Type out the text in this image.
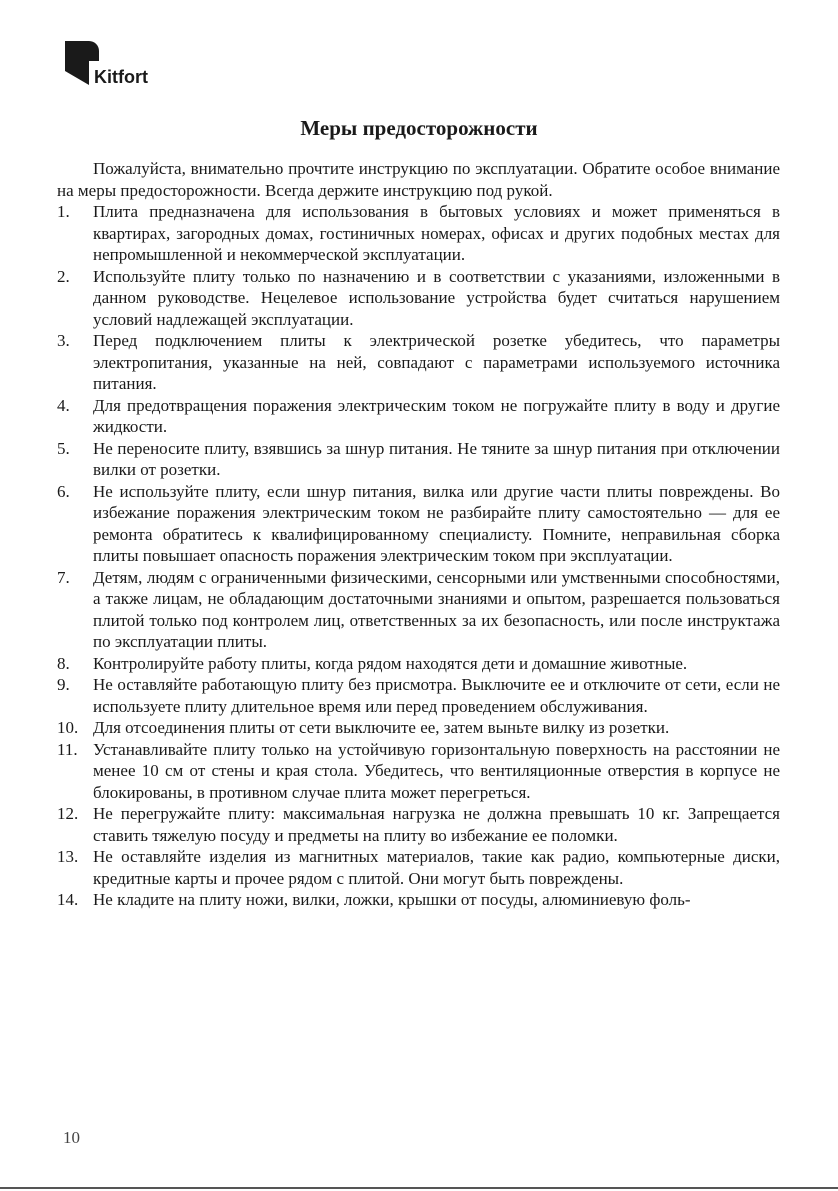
Kitfort
Меры предосторожности

Пожалуйста, внимательно прочтите инструкцию по эксплуатации. Обратите особое внимание на меры предосторожности. Всегда держите инструкцию под рукой.

1. Плита предназначена для использования в бытовых условиях и может применяться в квартирах, загородных домах, гостиничных номерах, офисах и других подобных местах для непромышленной и некоммерческой эксплуатации.
2. Используйте плиту только по назначению и в соответствии с указаниями, изложенными в данном руководстве. Нецелевое использование устройства будет считаться нарушением условий надлежащей эксплуатации.
3. Перед подключением плиты к электрической розетке убедитесь, что параметры электропитания, указанные на ней, совпадают с параметрами используемого источника питания.
4. Для предотвращения поражения электрическим током не погружайте плиту в воду и другие жидкости.
5. Не переносите плиту, взявшись за шнур питания. Не тяните за шнур питания при отключении вилки от розетки.
6. Не используйте плиту, если шнур питания, вилка или другие части плиты повреждены. Во избежание поражения электрическим током не разбирайте плиту самостоятельно — для ее ремонта обратитесь к квалифицированному специалисту. Помните, неправильная сборка плиты повышает опасность поражения электрическим током при эксплуатации.
7. Детям, людям с ограниченными физическими, сенсорными или умственными способностями, а также лицам, не обладающим достаточными знаниями и опытом, разрешается пользоваться плитой только под контролем лиц, ответственных за их безопасность, или после инструктажа по эксплуатации плиты.
8. Контролируйте работу плиты, когда рядом находятся дети и домашние животные.
9. Не оставляйте работающую плиту без присмотра. Выключите ее и отключите от сети, если не используете плиту длительное время или перед проведением обслуживания.
10. Для отсоединения плиты от сети выключите ее, затем выньте вилку из розетки.
11. Устанавливайте плиту только на устойчивую горизонтальную поверхность на расстоянии не менее 10 см от стены и края стола. Убедитесь, что вентиляционные отверстия в корпусе не блокированы, в противном случае плита может перегреться.
12. Не перегружайте плиту: максимальная нагрузка не должна превышать 10 кг. Запрещается ставить тяжелую посуду и предметы на плиту во избежание ее поломки.
13. Не оставляйте изделия из магнитных материалов, такие как радио, компьютерные диски, кредитные карты и прочее рядом с плитой. Они могут быть повреждены.
14. Не кладите на плиту ножи, вилки, ложки, крышки от посуды, алюминиевую фоль-
10
